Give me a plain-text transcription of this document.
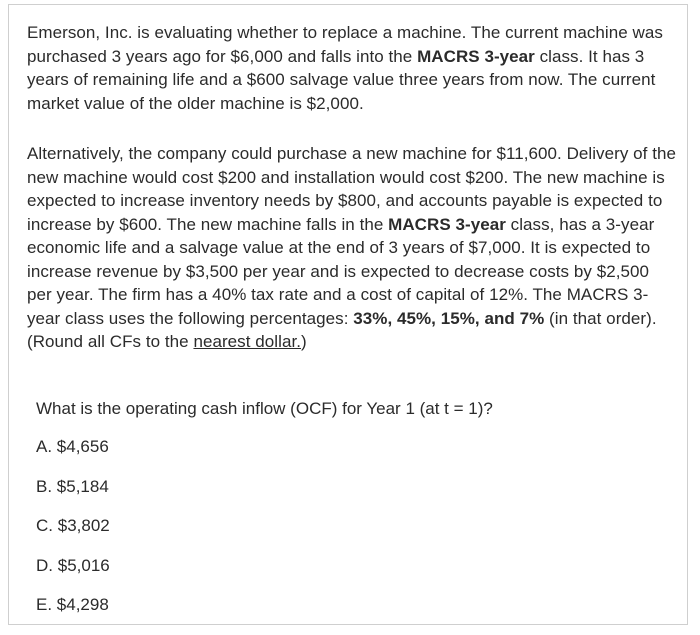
Emerson, Inc. is evaluating whether to replace a machine. The current machine was purchased 3 years ago for $6,000 and falls into the MACRS 3-year class. It has 3 years of remaining life and a $600 salvage value three years from now. The current market value of the older machine is $2,000.

Alternatively, the company could purchase a new machine for $11,600. Delivery of the new machine would cost $200 and installation would cost $200. The new machine is expected to increase inventory needs by $800, and accounts payable is expected to increase by $600. The new machine falls in the MACRS 3-year class, has a 3-year economic life and a salvage value at the end of 3 years of $7,000. It is expected to increase revenue by $3,500 per year and is expected to decrease costs by $2,500 per year. The firm has a 40% tax rate and a cost of capital of 12%. The MACRS 3-year class uses the following percentages: 33%, 45%, 15%, and 7% (in that order). (Round all CFs to the nearest dollar.)

What is the operating cash inflow (OCF) for Year 1 (at t = 1)?

A. $4,656
B. $5,184
C. $3,802
D. $5,016
E. $4,298
